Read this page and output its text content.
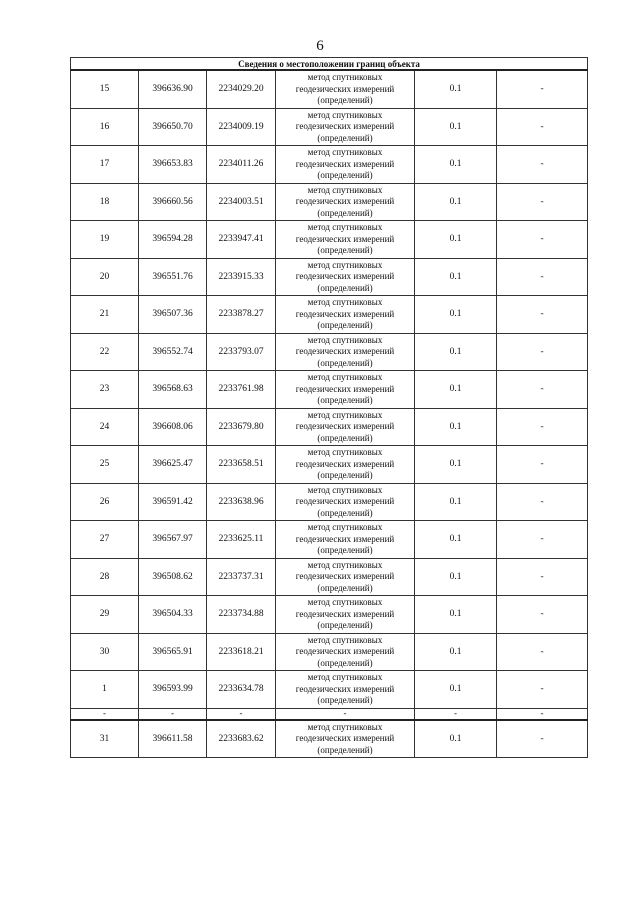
6
Сведения о местоположении границ объекта					
15	396636.90	2234029.20	метод спутниковых
геодезических измерений
(определений)	0.1	-
16	396650.70	2234009.19	метод спутниковых
геодезических измерений
(определений)	0.1	-
17	396653.83	2234011.26	метод спутниковых
геодезических измерений
(определений)	0.1	-
18	396660.56	2234003.51	метод спутниковых
геодезических измерений
(определений)	0.1	-
19	396594.28	2233947.41	метод спутниковых
геодезических измерений
(определений)	0.1	-
20	396551.76	2233915.33	метод спутниковых
геодезических измерений
(определений)	0.1	-
21	396507.36	2233878.27	метод спутниковых
геодезических измерений
(определений)	0.1	-
22	396552.74	2233793.07	метод спутниковых
геодезических измерений
(определений)	0.1	-
23	396568.63	2233761.98	метод спутниковых
геодезических измерений
(определений)	0.1	-
24	396608.06	2233679.80	метод спутниковых
геодезических измерений
(определений)	0.1	-
25	396625.47	2233658.51	метод спутниковых
геодезических измерений
(определений)	0.1	-
26	396591.42	2233638.96	метод спутниковых
геодезических измерений
(определений)	0.1	-
27	396567.97	2233625.11	метод спутниковых
геодезических измерений
(определений)	0.1	-
28	396508.62	2233737.31	метод спутниковых
геодезических измерений
(определений)	0.1	-
29	396504.33	2233734.88	метод спутниковых
геодезических измерений
(определений)	0.1	-
30	396565.91	2233618.21	метод спутниковых
геодезических измерений
(определений)	0.1	-
1	396593.99	2233634.78	метод спутниковых
геодезических измерений
(определений)	0.1	-
-	-	-	-	-	-
31	396611.58	2233683.62	метод спутниковых
геодезических измерений
(определений)	0.1	-
